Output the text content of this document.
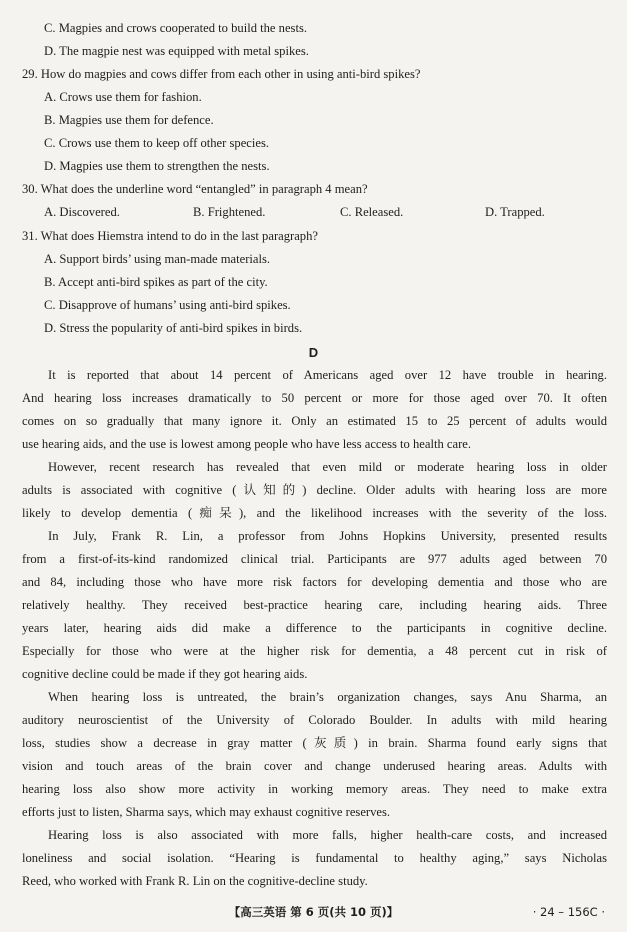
C. Magpies and crows cooperated to build the nests.

D. The magpie nest was equipped with metal spikes.

29. How do magpies and cows differ from each other in using anti-bird spikes?

A. Crows use them for fashion.

B. Magpies use them for defence.

C. Crows use them to keep off other species.

D. Magpies use them to strengthen the nests.

30. What does the underline word “entangled” in paragraph 4 mean?

A. Discovered.	B. Frightened.	C. Released.	D. Trapped.

31. What does Hiemstra intend to do in the last paragraph?

A. Support birds’ using man-made materials.

B. Accept anti-bird spikes as part of the city.

C. Disapprove of humans’ using anti-bird spikes.

D. Stress the popularity of anti-bird spikes in birds.

D

It is reported that about 14 percent of Americans aged over 12 have trouble in hearing.

And hearing loss increases dramatically to 50 percent or more for those aged over 70. It often

comes on so gradually that many ignore it. Only an estimated 15 to 25 percent of adults would

use hearing aids, and the use is lowest among people who have less access to health care.

However, recent research has revealed that even mild or moderate hearing loss in older

adults is associated with cognitive (认知的) decline. Older adults with hearing loss are more

likely to develop dementia (痴呆), and the likelihood increases with the severity of the loss.

In July, Frank R. Lin, a professor from Johns Hopkins University, presented results

from a first-of-its-kind randomized clinical trial. Participants are 977 adults aged between 70

and 84, including those who have more risk factors for developing dementia and those who are

relatively healthy. They received best-practice hearing care, including hearing aids. Three

years later, hearing aids did make a difference to the participants in cognitive decline.

Especially for those who were at the higher risk for dementia, a 48 percent cut in risk of

cognitive decline could be made if they got hearing aids.

When hearing loss is untreated, the brain’s organization changes, says Anu Sharma, an

auditory neuroscientist of the University of Colorado Boulder. In adults with mild hearing

loss, studies show a decrease in gray matter (灰质) in brain. Sharma found early signs that

vision and touch areas of the brain cover and change underused hearing areas. Adults with

hearing loss also show more activity in working memory areas. They need to make extra

efforts just to listen, Sharma says, which may exhaust cognitive reserves.

Hearing loss is also associated with more falls, higher health-care costs, and increased

loneliness and social isolation. “Hearing is fundamental to healthy aging,” says Nicholas

Reed, who worked with Frank R. Lin on the cognitive-decline study.

【高三英语 第 6 页(共 10 页)】	· 24 – 156C ·
